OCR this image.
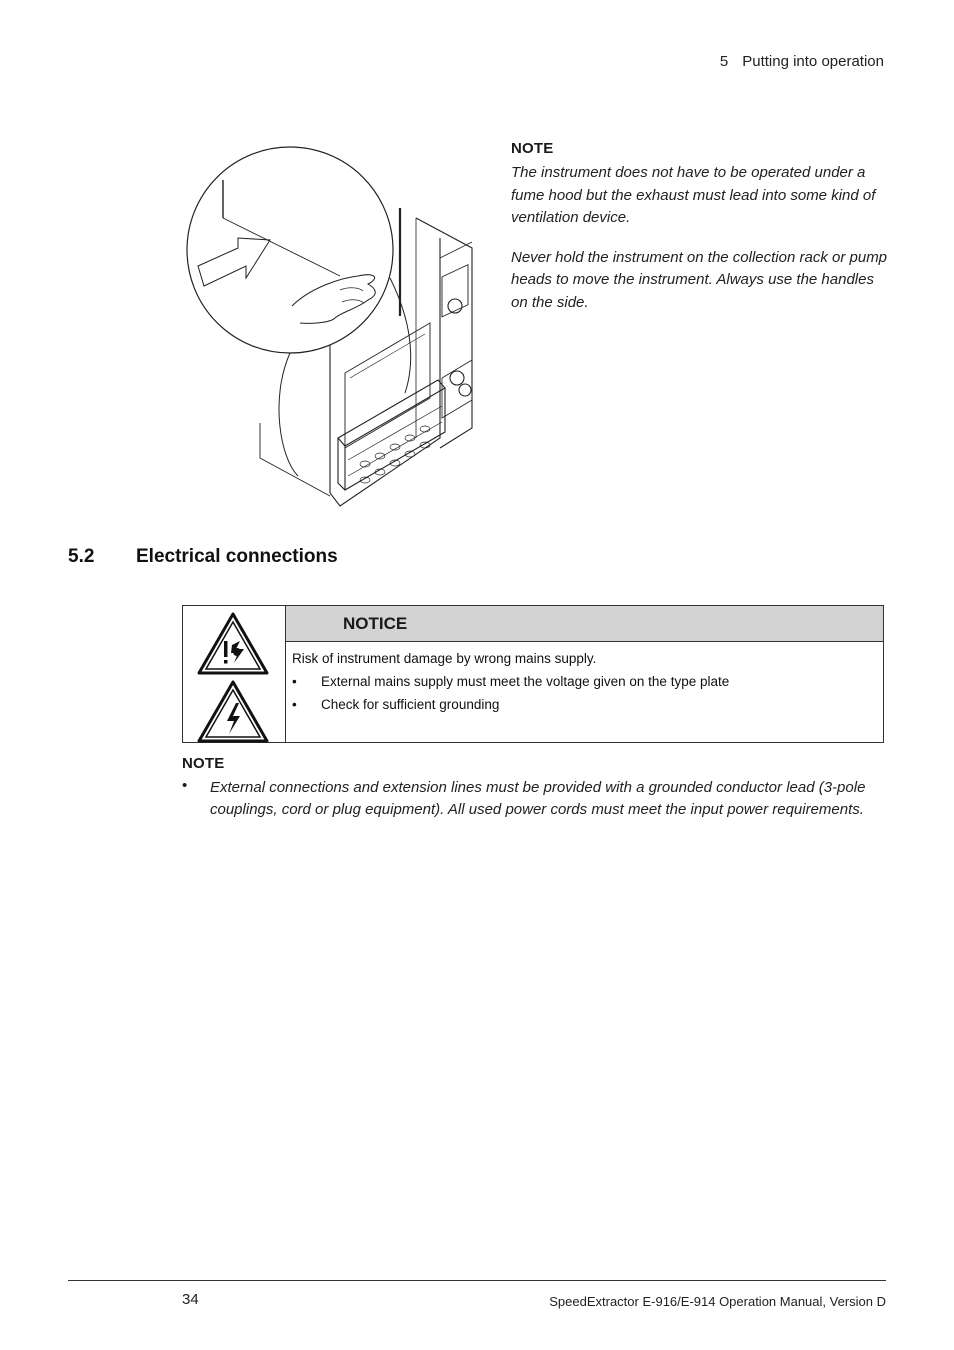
5 Putting into operation
NOTE

The instrument does not have to be operated under a fume hood but the exhaust must lead into some kind of ventilation device.

Never hold the instrument on the collection rack or pump heads to move the instrument. Always use the handles on the side.

5.2 Electrical connections
NOTICE
Risk of instrument damage by wrong mains supply.
•	External mains supply must meet the voltage given on the type plate
•	Check for sufficient grounding
NOTE
•	External connections and extension lines must be provided with a grounded conductor lead (3-pole couplings, cord or plug equipment). All used power cords must meet the input power requirements.
34	SpeedExtractor E-916/E-914 Operation Manual, Version D
